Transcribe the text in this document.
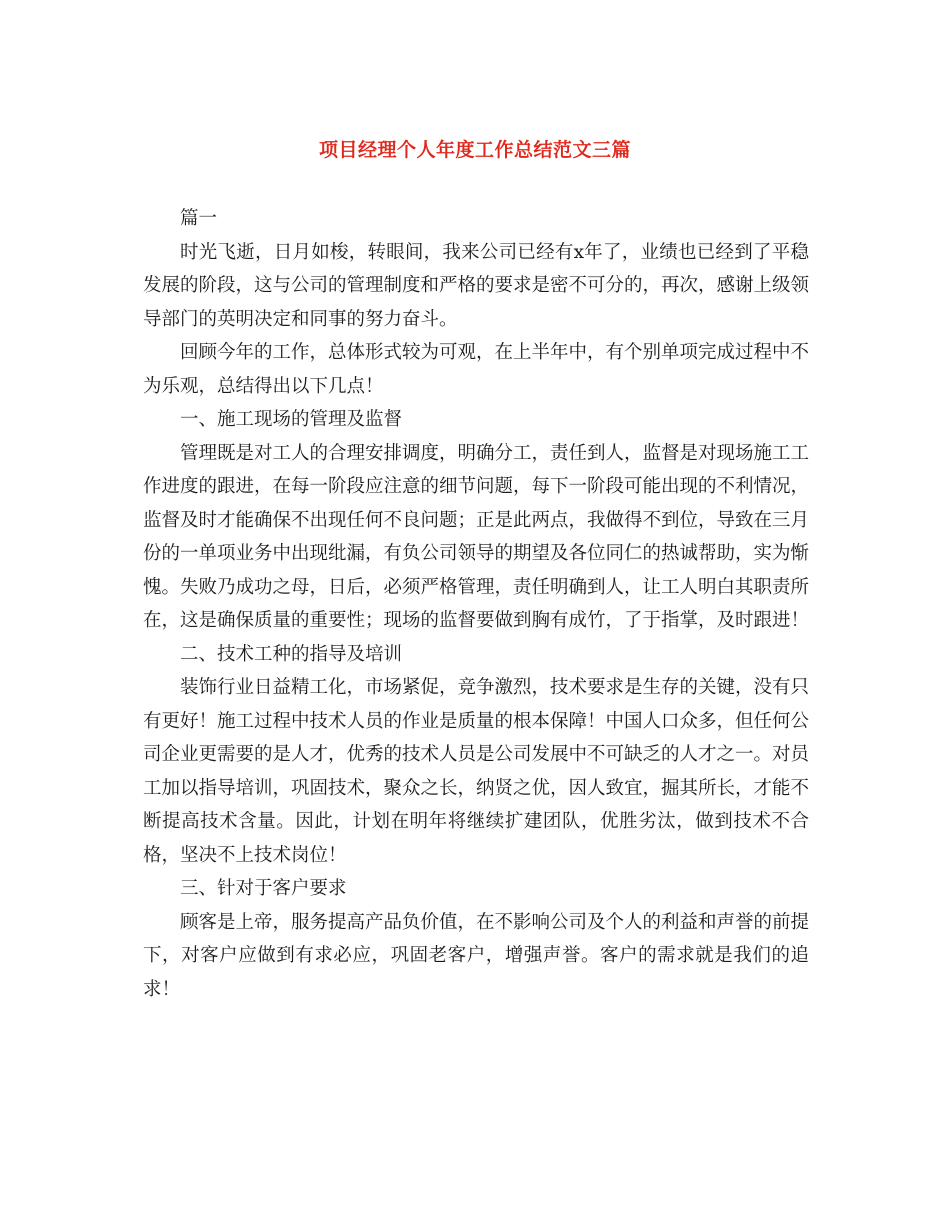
项目经理个人年度工作总结范文三篇

篇一

时光飞逝，日月如梭，转眼间，我来公司已经有x年了，业绩也已经到了平稳发展的阶段，这与公司的管理制度和严格的要求是密不可分的，再次，感谢上级领导部门的英明决定和同事的努力奋斗。

回顾今年的工作，总体形式较为可观，在上半年中，有个别单项完成过程中不为乐观，总结得出以下几点！

一、施工现场的管理及监督

管理既是对工人的合理安排调度，明确分工，责任到人，监督是对现场施工工作进度的跟进，在每一阶段应注意的细节问题，每下一阶段可能出现的不利情况，监督及时才能确保不出现任何不良问题；正是此两点，我做得不到位，导致在三月份的一单项业务中出现纰漏，有负公司领导的期望及各位同仁的热诚帮助，实为惭愧。失败乃成功之母，日后，必须严格管理，责任明确到人，让工人明白其职责所在，这是确保质量的重要性；现场的监督要做到胸有成竹，了于指掌，及时跟进！

二、技术工种的指导及培训

装饰行业日益精工化，市场紧促，竞争激烈，技术要求是生存的关键，没有只有更好！施工过程中技术人员的作业是质量的根本保障！中国人口众多，但任何公司企业更需要的是人才，优秀的技术人员是公司发展中不可缺乏的人才之一。对员工加以指导培训，巩固技术，聚众之长，纳贤之优，因人致宜，掘其所长，才能不断提高技术含量。因此，计划在明年将继续扩建团队，优胜劣汰，做到技术不合格，坚决不上技术岗位！

三、针对于客户要求

顾客是上帝，服务提高产品负价值，在不影响公司及个人的利益和声誉的前提下，对客户应做到有求必应，巩固老客户，增强声誉。客户的需求就是我们的追求！
